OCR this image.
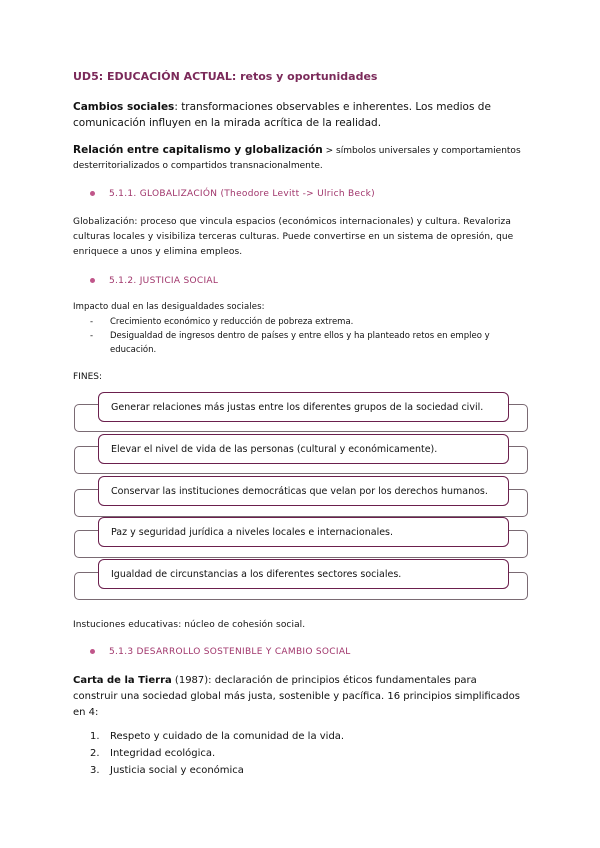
UD5: EDUCACIÓN ACTUAL: retos y oportunidades
Cambios sociales: transformaciones observables e inherentes. Los medios de comunicación influyen en la mirada acrítica de la realidad.
Relación entre capitalismo y globalización > símbolos universales y comportamientos desterritorializados o compartidos transnacionalmente.
5.1.1. GLOBALIZACIÓN (Theodore Levitt -> Ulrich Beck)
Globalización: proceso que vincula espacios (económicos internacionales) y cultura. Revaloriza culturas locales y visibiliza terceras culturas. Puede convertirse en un sistema de opresión, que enriquece a unos y elimina empleos.
5.1.2. JUSTICIA SOCIAL
Impacto dual en las desigualdades sociales:
-	Crecimiento económico y reducción de pobreza extrema.
-	Desigualdad de ingresos dentro de países y entre ellos y ha planteado retos en empleo y educación.
FINES:
Generar relaciones más justas entre los diferentes grupos de la sociedad civil.
Elevar el nivel de vida de las personas (cultural y económicamente).
Conservar las instituciones democráticas que velan por los derechos humanos.
Paz y seguridad jurídica a niveles locales e internacionales.
Igualdad de circunstancias a los diferentes sectores sociales.
Instuciones educativas: núcleo de cohesión social.
5.1.3 DESARROLLO SOSTENIBLE Y CAMBIO SOCIAL
Carta de la Tierra (1987): declaración de principios éticos fundamentales para construir una sociedad global más justa, sostenible y pacífica. 16 principios simplificados en 4:
1. Respeto y cuidado de la comunidad de la vida.
2. Integridad ecológica.
3. Justicia social y económica
